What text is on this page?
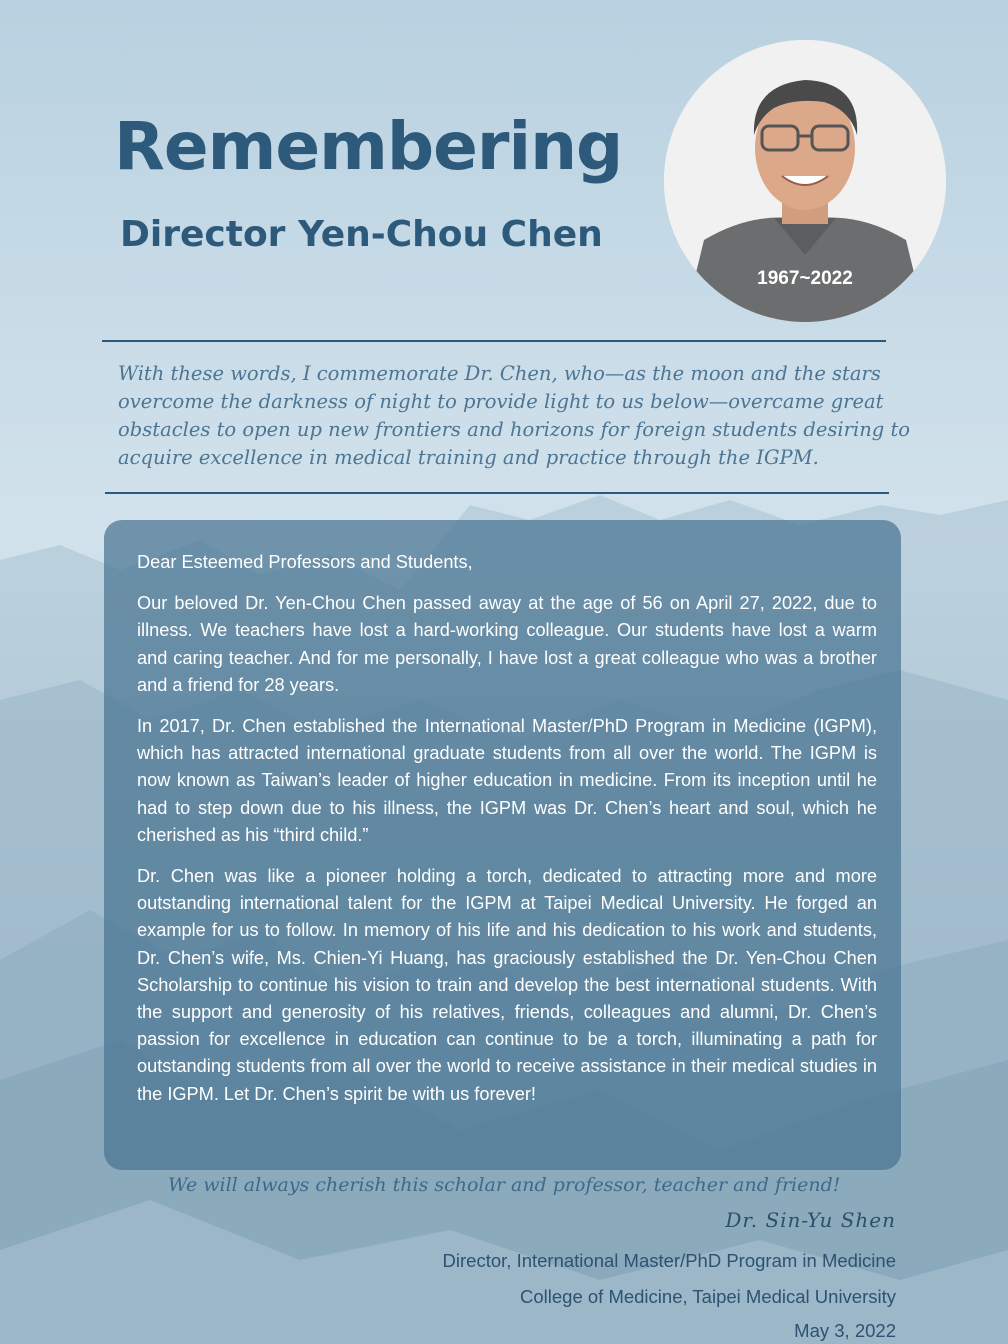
Remembering
Director Yen-Chou Chen
1967~2022

With these words, I commemorate Dr. Chen, who—as the moon and the stars overcome the darkness of night to provide light to us below—overcame great obstacles to open up new frontiers and horizons for foreign students desiring to acquire excellence in medical training and practice through the IGPM.

Dear Esteemed Professors and Students,

Our beloved Dr. Yen-Chou Chen passed away at the age of 56 on April 27, 2022, due to illness. We teachers have lost a hard-working colleague. Our students have lost a warm and caring teacher. And for me personally, I have lost a great colleague who was a brother and a friend for 28 years.

In 2017, Dr. Chen established the International Master/PhD Program in Medicine (IGPM), which has attracted international graduate students from all over the world. The IGPM is now known as Taiwan’s leader of higher education in medicine. From its inception until he had to step down due to his illness, the IGPM was Dr. Chen’s heart and soul, which he cherished as his “third child.”

Dr. Chen was like a pioneer holding a torch, dedicated to attracting more and more outstanding international talent for the IGPM at Taipei Medical University. He forged an example for us to follow. In memory of his life and his dedication to his work and students, Dr. Chen’s wife, Ms. Chien-Yi Huang, has graciously established the Dr. Yen-Chou Chen Scholarship to continue his vision to train and develop the best international students. With the support and generosity of his relatives, friends, colleagues and alumni, Dr. Chen’s passion for excellence in education can continue to be a torch, illuminating a path for outstanding students from all over the world to receive assistance in their medical studies in the IGPM. Let Dr. Chen’s spirit be with us forever!

We will always cherish this scholar and professor, teacher and friend!

Dr. Sin-Yu Shen

Director, International Master/PhD Program in Medicine

College of Medicine, Taipei Medical University

May 3, 2022
